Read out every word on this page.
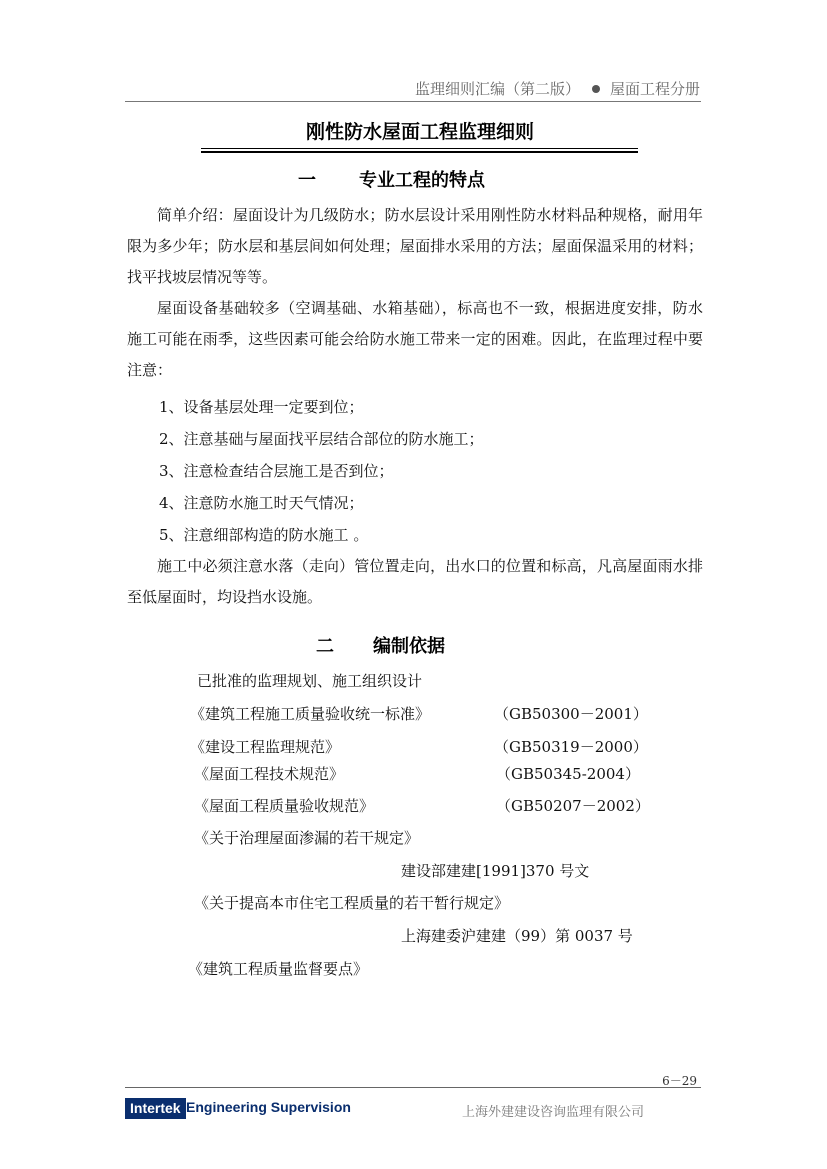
监理细则汇编（第二版） 屋面工程分册
刚性防水屋面工程监理细则
一 专业工程的特点
简单介绍：屋面设计为几级防水；防水层设计采用刚性防水材料品种规格，耐用年限为多少年；防水层和基层间如何处理；屋面排水采用的方法；屋面保温采用的材料；找平找坡层情况等等。
屋面设备基础较多（空调基础、水箱基础），标高也不一致，根据进度安排，防水施工可能在雨季，这些因素可能会给防水施工带来一定的困难。因此，在监理过程中要注意：
1、设备基层处理一定要到位；
2、注意基础与屋面找平层结合部位的防水施工；
3、注意检查结合层施工是否到位；
4、注意防水施工时天气情况；
5、注意细部构造的防水施工 。
施工中必须注意水落（走向）管位置走向，出水口的位置和标高，凡高屋面雨水排至低屋面时，均设挡水设施。
二 编制依据
已批准的监理规划、施工组织设计
《建筑工程施工质量验收统一标准》	（GB50300－2001）
《建设工程监理规范》	（GB50319－2000）
《屋面工程技术规范》	（GB50345-2004）
《屋面工程质量验收规范》	（GB50207－2002）
《关于治理屋面渗漏的若干规定》
建设部建建[1991]370 号文
《关于提高本市住宅工程质量的若干暂行规定》
上海建委沪建建（99）第 0037 号
《建筑工程质量监督要点》
6－29
Intertek Engineering Supervision	上海外建建设咨询监理有限公司
